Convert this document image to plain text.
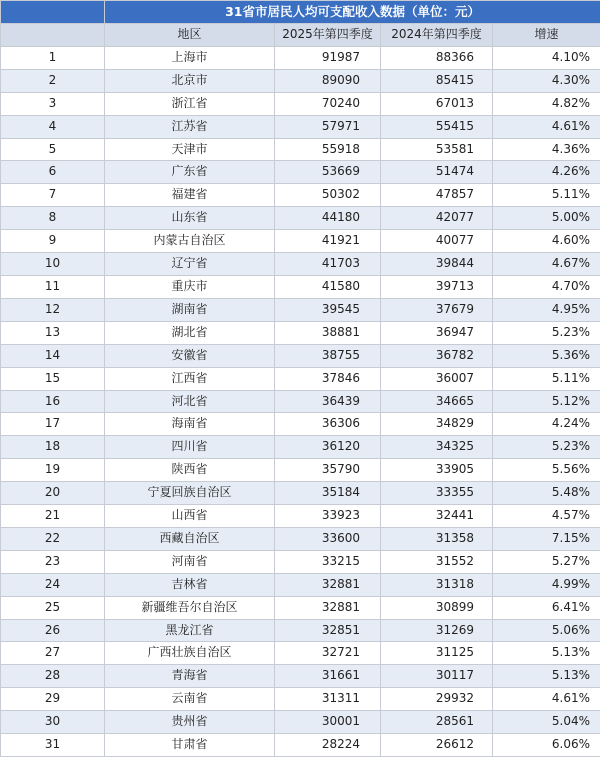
	31省市居民人均可支配收入数据（单位：元）			
	地区	2025年第四季度	2024年第四季度	增速
1	上海市	91987	88366	4.10%
2	北京市	89090	85415	4.30%
3	浙江省	70240	67013	4.82%
4	江苏省	57971	55415	4.61%
5	天津市	55918	53581	4.36%
6	广东省	53669	51474	4.26%
7	福建省	50302	47857	5.11%
8	山东省	44180	42077	5.00%
9	内蒙古自治区	41921	40077	4.60%
10	辽宁省	41703	39844	4.67%
11	重庆市	41580	39713	4.70%
12	湖南省	39545	37679	4.95%
13	湖北省	38881	36947	5.23%
14	安徽省	38755	36782	5.36%
15	江西省	37846	36007	5.11%
16	河北省	36439	34665	5.12%
17	海南省	36306	34829	4.24%
18	四川省	36120	34325	5.23%
19	陕西省	35790	33905	5.56%
20	宁夏回族自治区	35184	33355	5.48%
21	山西省	33923	32441	4.57%
22	西藏自治区	33600	31358	7.15%
23	河南省	33215	31552	5.27%
24	吉林省	32881	31318	4.99%
25	新疆维吾尔自治区	32881	30899	6.41%
26	黑龙江省	32851	31269	5.06%
27	广西壮族自治区	32721	31125	5.13%
28	青海省	31661	30117	5.13%
29	云南省	31311	29932	4.61%
30	贵州省	30001	28561	5.04%
31	甘肃省	28224	26612	6.06%
